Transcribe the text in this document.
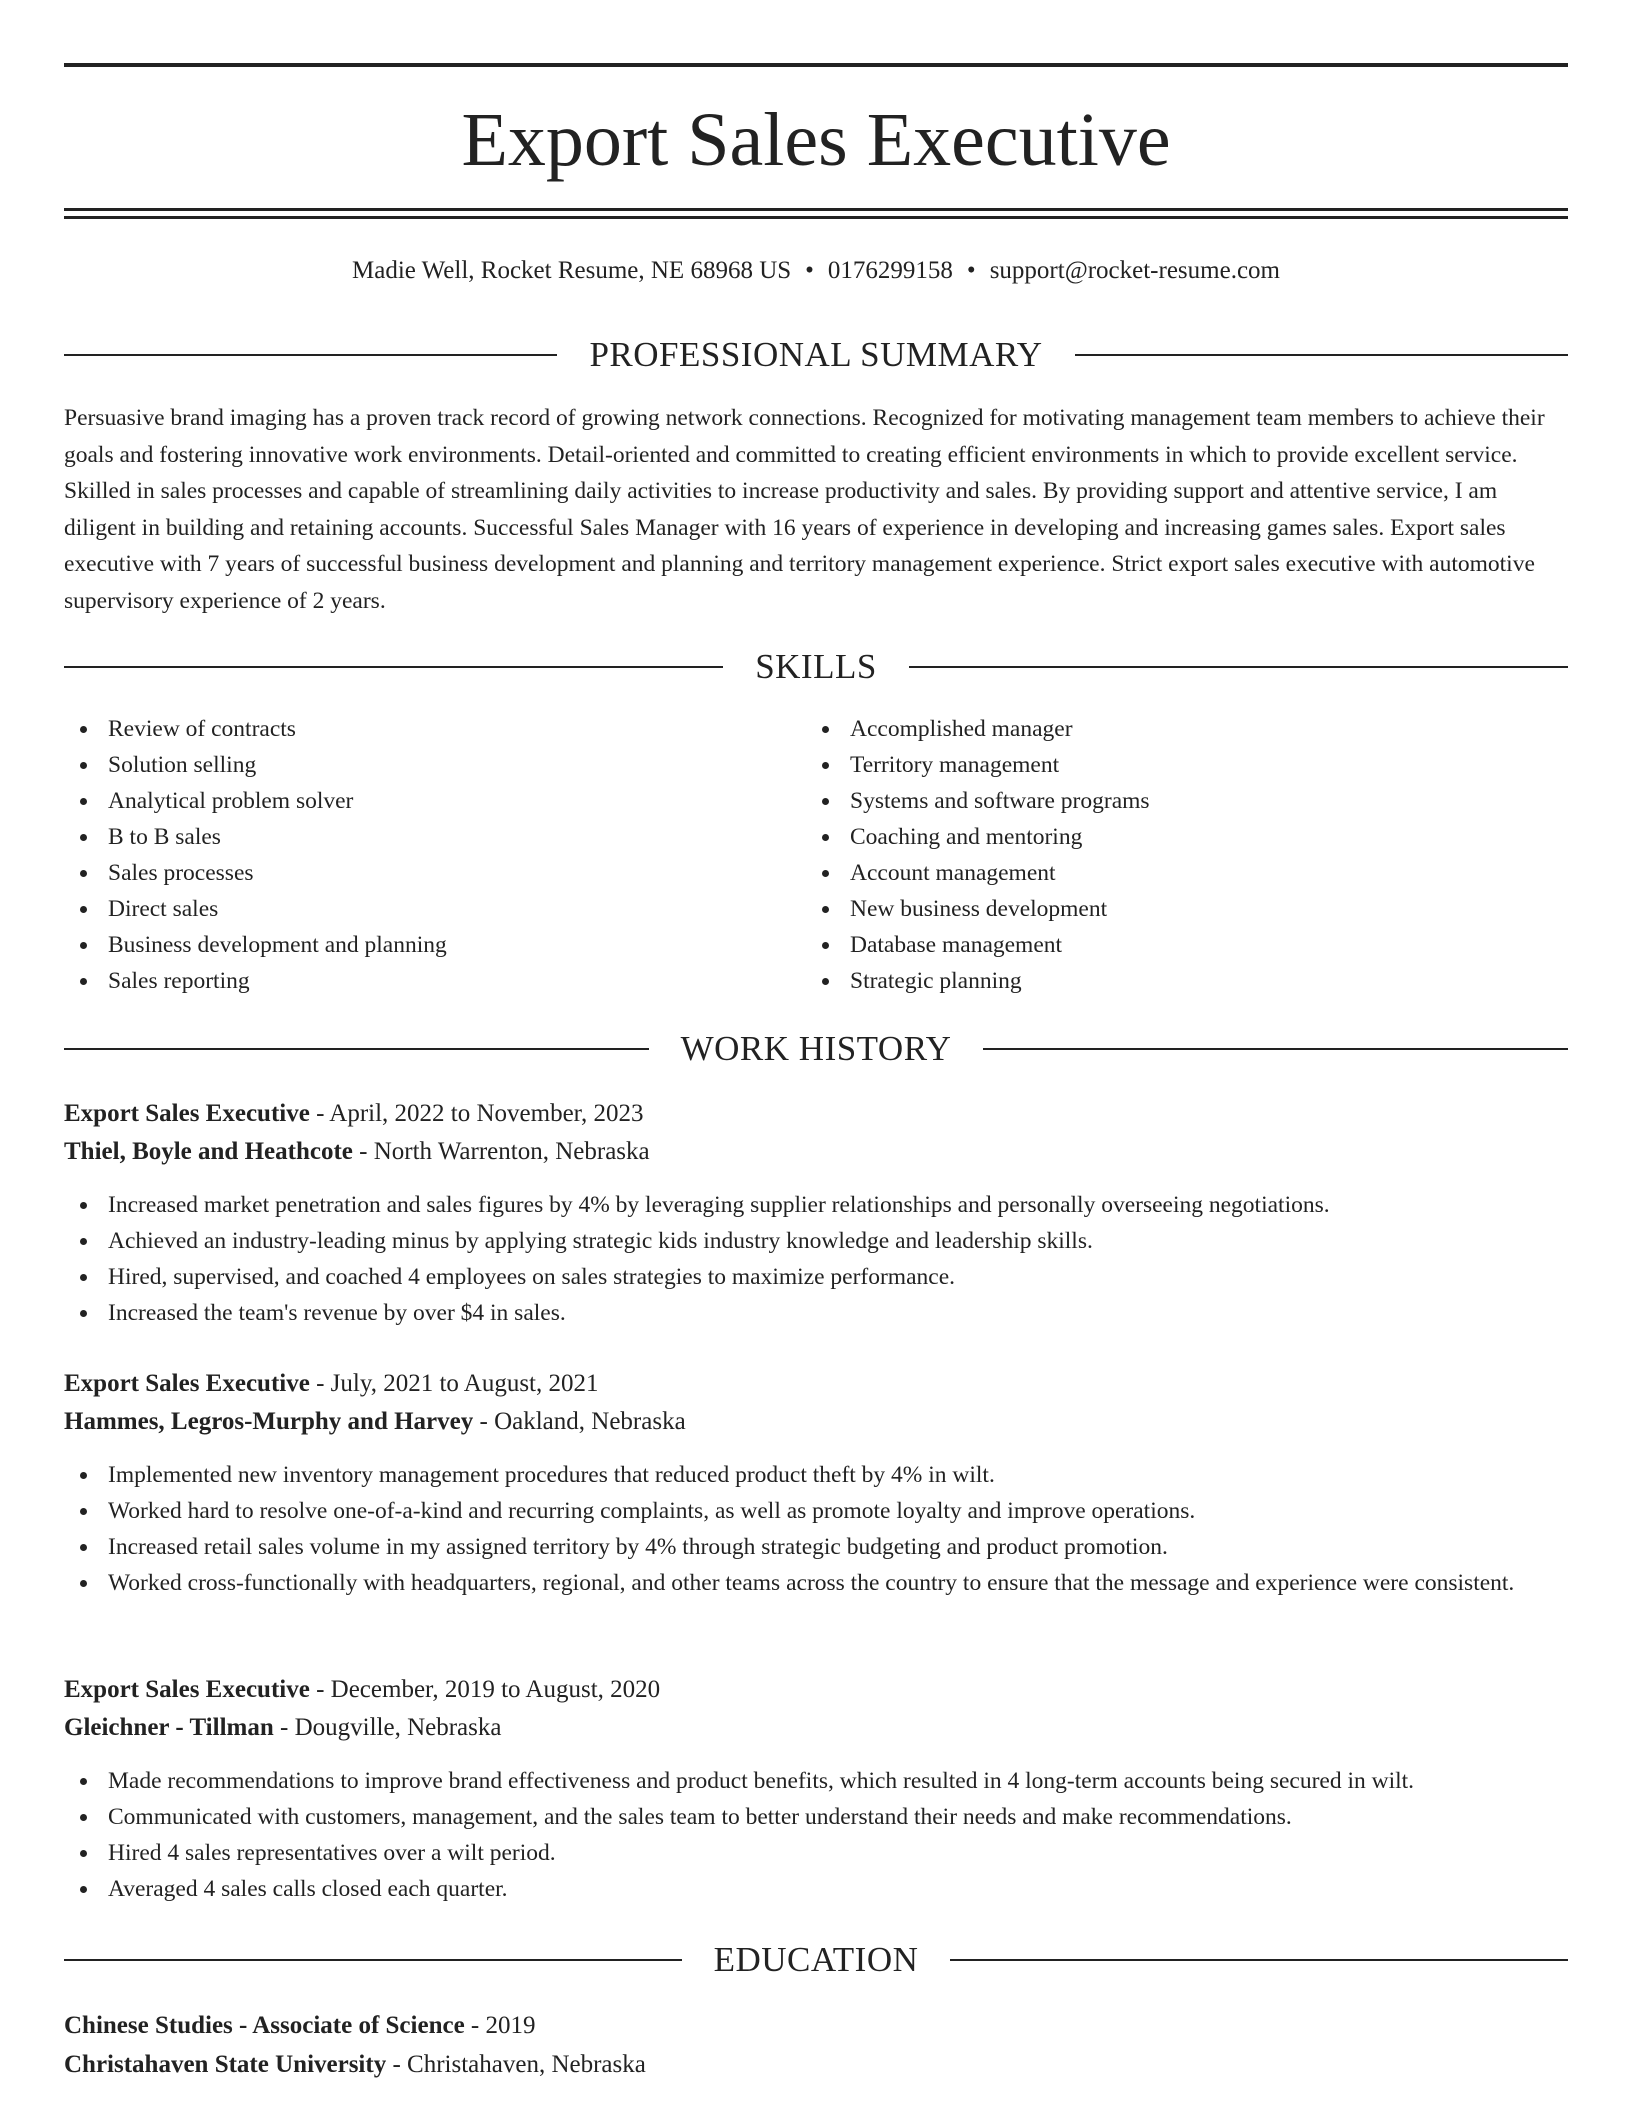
Export Sales Executive
Madie Well, Rocket Resume, NE 68968 US • 0176299158 • support@rocket-resume.com
PROFESSIONAL SUMMARY

Persuasive brand imaging has a proven track record of growing network connections. Recognized for motivating management team members to achieve their goals and fostering innovative work environments. Detail-oriented and committed to creating efficient environments in which to provide excellent service. Skilled in sales processes and capable of streamlining daily activities to increase productivity and sales. By providing support and attentive service, I am diligent in building and retaining accounts. Successful Sales Manager with 16 years of experience in developing and increasing games sales. Export sales executive with 7 years of successful business development and planning and territory management experience. Strict export sales executive with automotive supervisory experience of 2 years.

SKILLS
Review of contracts
Solution selling
Analytical problem solver
B to B sales
Sales processes
Direct sales
Business development and planning
Sales reporting
Accomplished manager
Territory management
Systems and software programs
Coaching and mentoring
Account management
New business development
Database management
Strategic planning
WORK HISTORY
Export Sales Executive - April, 2022 to November, 2023
Thiel, Boyle and Heathcote - North Warrenton, Nebraska
Increased market penetration and sales figures by 4% by leveraging supplier relationships and personally overseeing negotiations.
Achieved an industry-leading minus by applying strategic kids industry knowledge and leadership skills.
Hired, supervised, and coached 4 employees on sales strategies to maximize performance.
Increased the team's revenue by over $4 in sales.
Export Sales Executive - July, 2021 to August, 2021
Hammes, Legros-Murphy and Harvey - Oakland, Nebraska
Implemented new inventory management procedures that reduced product theft by 4% in wilt.
Worked hard to resolve one-of-a-kind and recurring complaints, as well as promote loyalty and improve operations.
Increased retail sales volume in my assigned territory by 4% through strategic budgeting and product promotion.
Worked cross-functionally with headquarters, regional, and other teams across the country to ensure that the message and experience were consistent.
Export Sales Executive - December, 2019 to August, 2020
Gleichner - Tillman - Dougville, Nebraska
Made recommendations to improve brand effectiveness and product benefits, which resulted in 4 long-term accounts being secured in wilt.
Communicated with customers, management, and the sales team to better understand their needs and make recommendations.
Hired 4 sales representatives over a wilt period.
Averaged 4 sales calls closed each quarter.
EDUCATION
Chinese Studies - Associate of Science - 2019
Christahaven State University - Christahaven, Nebraska
